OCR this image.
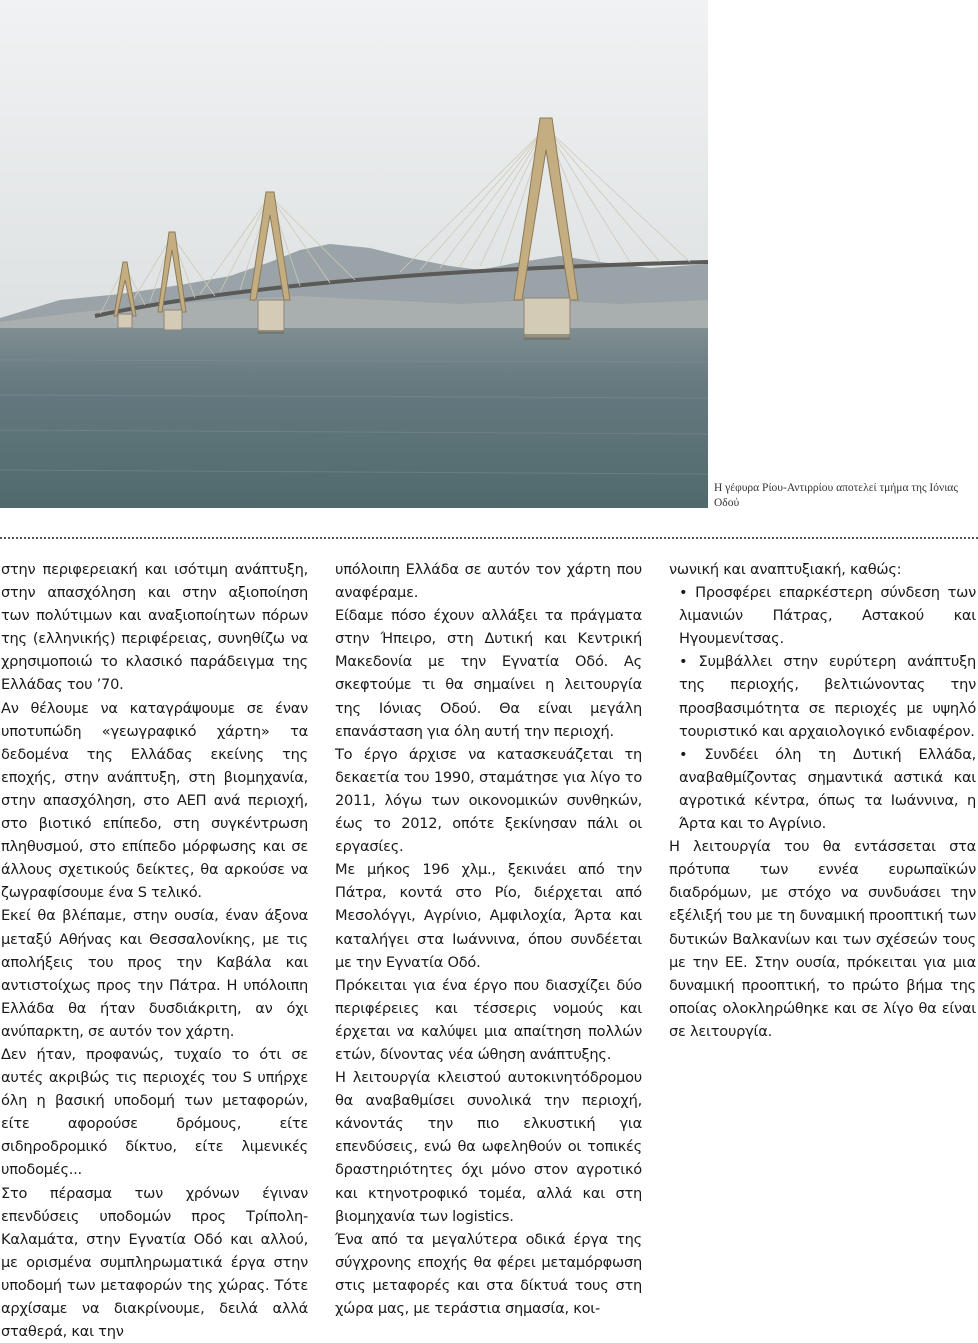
Η γέφυρα Ρίου-Αντιρρίου αποτελεί τμήμα της Ιόνιας Οδού

στην περιφερειακή και ισότιμη ανάπτυξη, στην απασχόληση και στην αξιοποίηση των πολύτιμων και αναξιοποίητων πόρων της (ελληνικής) περιφέρειας, συνηθίζω να χρησιμοποιώ το κλασικό παράδειγμα της Ελλάδας του ’70.

Αν θέλουμε να καταγράψουμε σε έναν υποτυπώδη «γεωγραφικό χάρτη» τα δεδομένα της Ελλάδας εκείνης της εποχής, στην ανάπτυξη, στη βιομηχανία, στην απασχόληση, στο ΑΕΠ ανά περιοχή, στο βιοτικό επίπεδο, στη συγκέντρωση πληθυσμού, στο επίπεδο μόρφωσης και σε άλλους σχετικούς δείκτες, θα αρκούσε να ζωγραφίσουμε ένα S τελικό.

Εκεί θα βλέπαμε, στην ουσία, έναν άξονα μεταξύ Αθήνας και Θεσσαλονίκης, με τις απολήξεις του προς την Καβάλα και αντιστοίχως προς την Πάτρα. Η υπόλοιπη Ελλάδα θα ήταν δυσδιάκριτη, αν όχι ανύπαρκτη, σε αυτόν τον χάρτη.

Δεν ήταν, προφανώς, τυχαίο το ότι σε αυτές ακριβώς τις περιοχές του S υπήρχε όλη η βασική υποδομή των μεταφορών, είτε αφορούσε δρόμους, είτε σιδηροδρομικό δίκτυο, είτε λιμενικές υποδομές...

Στο πέρασμα των χρόνων έγιναν επενδύσεις υποδομών προς Τρίπολη-Καλαμάτα, στην Εγνατία Οδό και αλλού, με ορισμένα συμπληρωματικά έργα στην υποδομή των μεταφορών της χώρας. Τότε αρχίσαμε να διακρίνουμε, δειλά αλλά σταθερά, και την

υπόλοιπη Ελλάδα σε αυτόν τον χάρτη που αναφέραμε.

Είδαμε πόσο έχουν αλλάξει τα πράγματα στην Ήπειρο, στη Δυτική και Κεντρική Μακεδονία με την Εγνατία Οδό. Ας σκεφτούμε τι θα σημαίνει η λειτουργία της Ιόνιας Οδού. Θα είναι μεγάλη επανάσταση για όλη αυτή την περιοχή.

Το έργο άρχισε να κατασκευάζεται τη δεκαετία του 1990, σταμάτησε για λίγο το 2011, λόγω των οικονομικών συνθηκών, έως το 2012, οπότε ξεκίνησαν πάλι οι εργασίες.

Με μήκος 196 χλμ., ξεκινάει από την Πάτρα, κοντά στο Ρίο, διέρχεται από Μεσολόγγι, Αγρίνιο, Αμφιλοχία, Άρτα και καταλήγει στα Ιωάννινα, όπου συνδέεται με την Εγνατία Οδό.

Πρόκειται για ένα έργο που διασχίζει δύο περιφέρειες και τέσσερις νομούς και έρχεται να καλύψει μια απαίτηση πολλών ετών, δίνοντας νέα ώθηση ανάπτυξης.

Η λειτουργία κλειστού αυτοκινητόδρομου θα αναβαθμίσει συνολικά την περιοχή, κάνοντάς την πιο ελκυστική για επενδύσεις, ενώ θα ωφεληθούν οι τοπικές δραστηριότητες όχι μόνο στον αγροτικό και κτηνοτροφικό τομέα, αλλά και στη βιομηχανία των logistics.

Ένα από τα μεγαλύτερα οδικά έργα της σύγχρονης εποχής θα φέρει μεταμόρφωση στις μεταφορές και στα δίκτυά τους στη χώρα μας, με τεράστια σημασία, κοι-

νωνική και αναπτυξιακή, καθώς:

• Προσφέρει επαρκέστερη σύνδεση των λιμανιών Πάτρας, Αστακού και Ηγουμενίτσας.

• Συμβάλλει στην ευρύτερη ανάπτυξη της περιοχής, βελτιώνοντας την προσβασιμότητα σε περιοχές με υψηλό τουριστικό και αρχαιολογικό ενδιαφέρον.

• Συνδέει όλη τη Δυτική Ελλάδα, αναβαθμίζοντας σημαντικά αστικά και αγροτικά κέντρα, όπως τα Ιωάννινα, η Άρτα και το Αγρίνιο.

Η λειτουργία του θα εντάσσεται στα πρότυπα των εννέα ευρωπαϊκών διαδρόμων, με στόχο να συνδυάσει την εξέλιξή του με τη δυναμική προοπτική των δυτικών Βαλκανίων και των σχέσεών τους με την ΕΕ. Στην ουσία, πρόκειται για μια δυναμική προοπτική, το πρώτο βήμα της οποίας ολοκληρώθηκε και σε λίγο θα είναι σε λειτουργία.
